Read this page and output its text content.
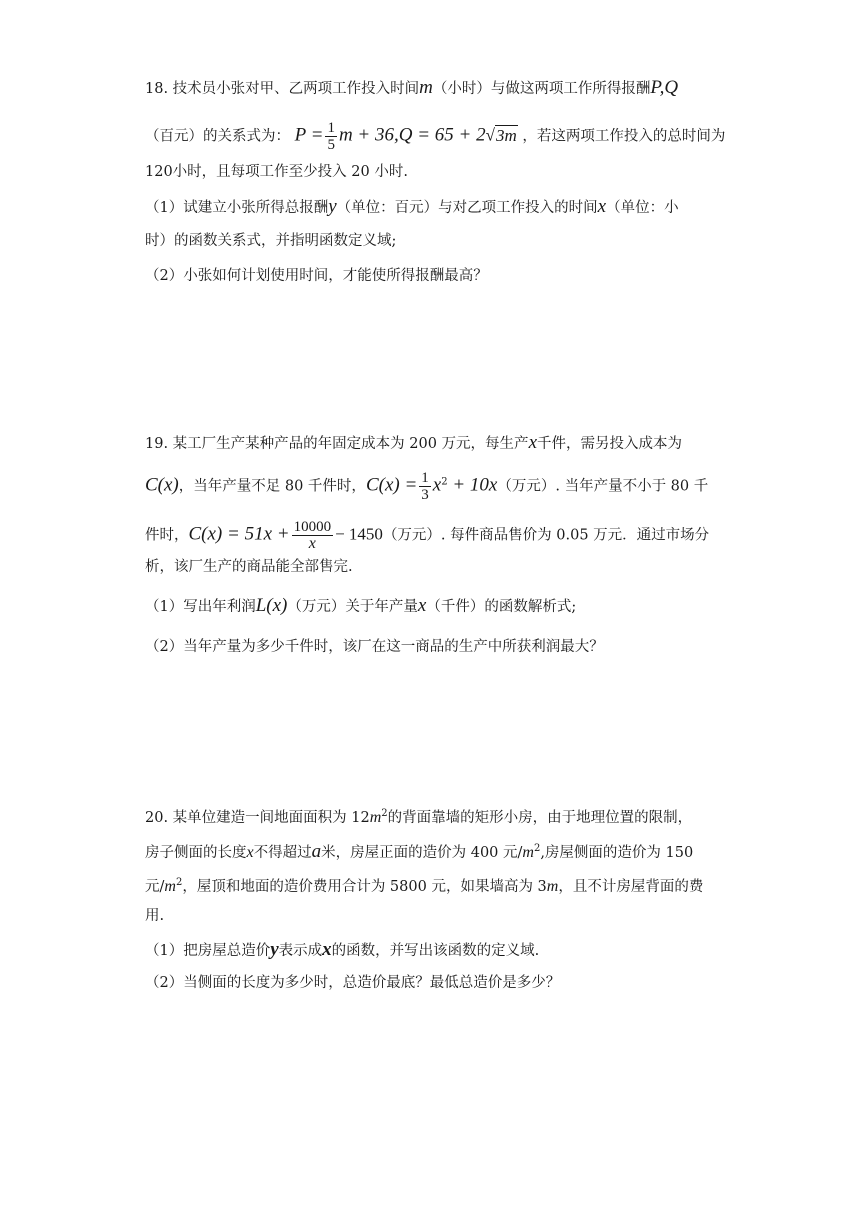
18. 技术员小张对甲、乙两项工作投入时间m（小时）与做这两项工作所得报酬P,Q
（百元）的关系式为： $P = \frac{1}{5}$ m + 36,Q = 65 + 2√3m ，若这两项工作投入的总时间为
120小时，且每项工作至少投入 20 小时.
（1）试建立小张所得总报酬y（单位：百元）与对乙项工作投入的时间x（单位：小
时）的函数关系式，并指明函数定义域;
（2）小张如何计划使用时间，才能使所得报酬最高？
19. 某工厂生产某种产品的年固定成本为 200 万元，每生产x千件，需另投入成本为
C(x)，当年产量不足 80 千件时，$C(x) = \frac{1}{3} x^2 + 10x$（万元）. 当年产量不小于 80 千
件时，$C(x) = 51x + \frac{10000}{x} - 1450$（万元）. 每件商品售价为 0.05 万元．通过市场分
析，该厂生产的商品能全部售完.
（1）写出年利润L(x)（万元）关于年产量x（千件）的函数解析式;
（2）当年产量为多少千件时，该厂在这一商品的生产中所获利润最大？
20. 某单位建造一间地面面积为 $12m^2$的背面靠墙的矩形小房，由于地理位置的限制，
房子侧面的长度x不得超过a米，房屋正面的造价为 400 元$/m^2$,房屋侧面的造价为 150
元$/m^2$，屋顶和地面的造价费用合计为 5800 元，如果墙高为 3m，且不计房屋背面的费
用.
（1）把房屋总造价y表示成x的函数，并写出该函数的定义域.
（2）当侧面的长度为多少时，总造价最底？最低总造价是多少？
